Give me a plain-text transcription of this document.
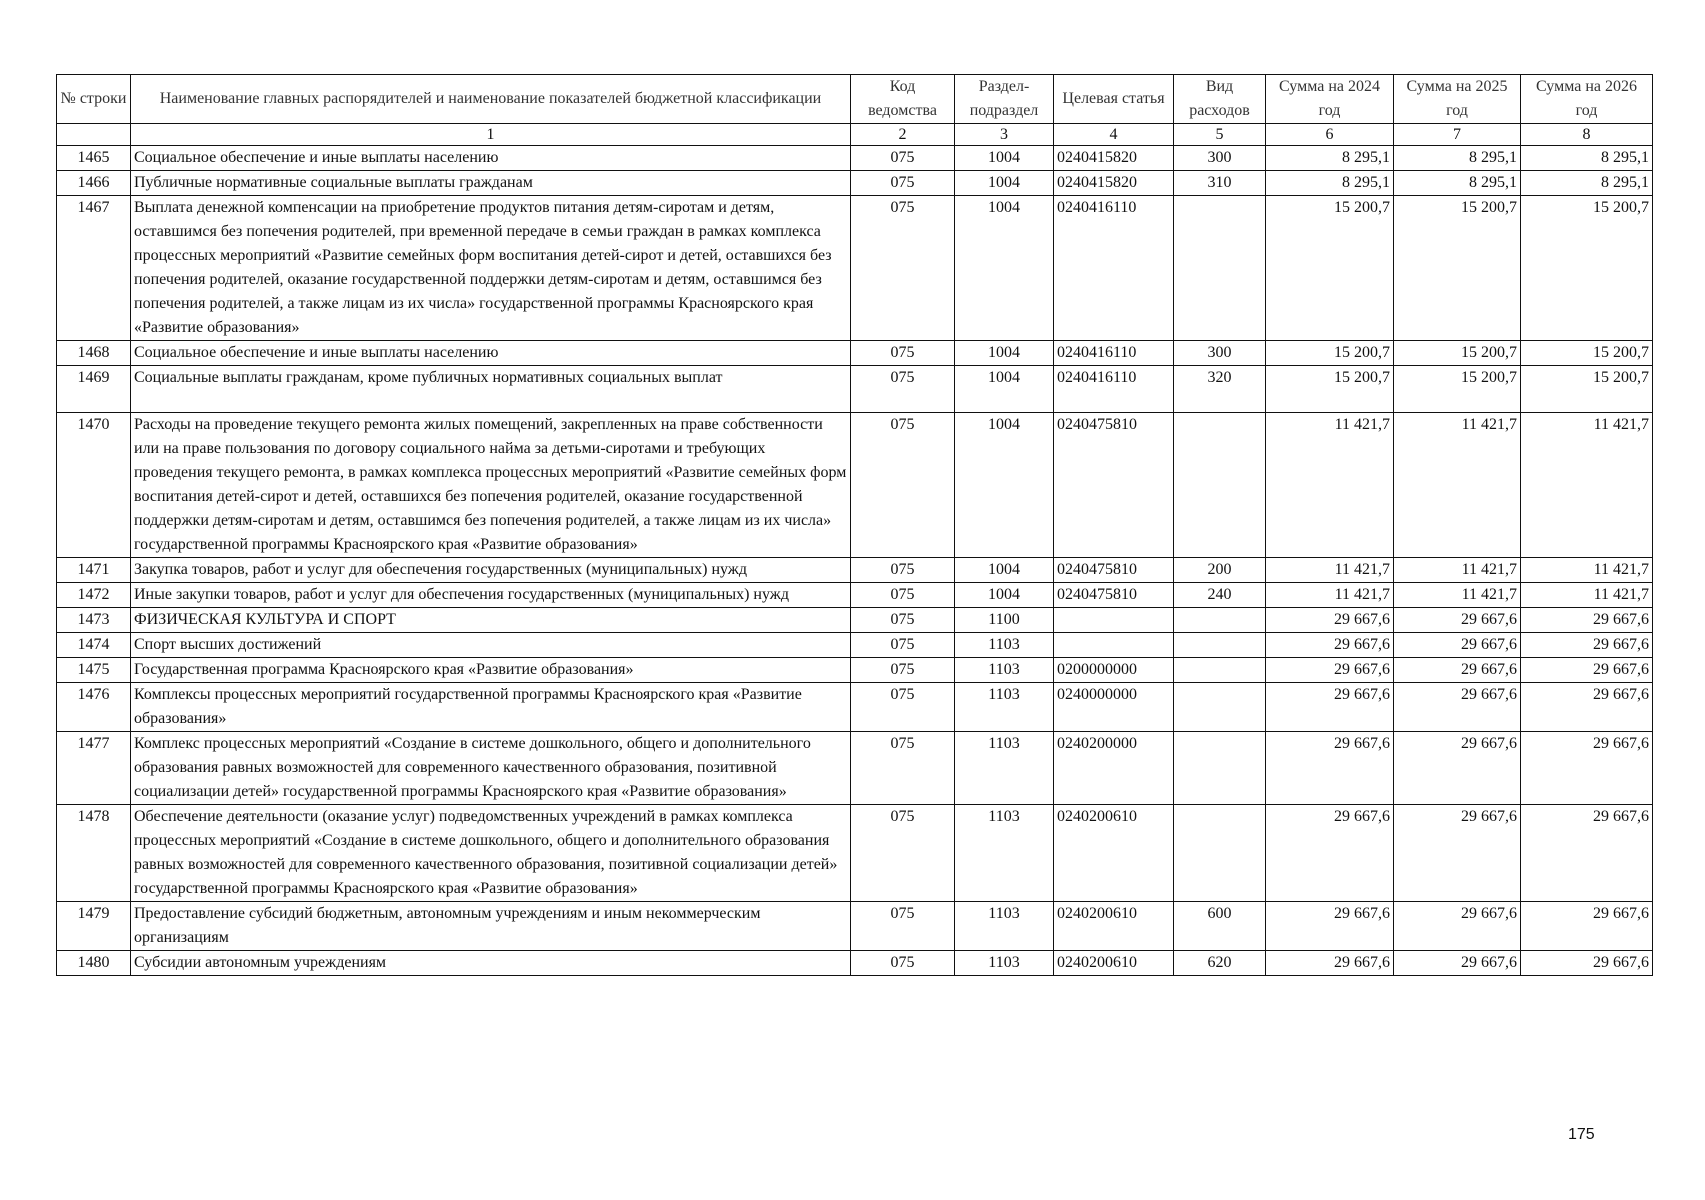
№ строки	Наименование главных распорядителей и наименование показателей бюджетной классификации	Код ведомства	Раздел-подраздел	Целевая статья	Вид расходов	Сумма на 2024 год	Сумма на 2025 год	Сумма на 2026 год
	1	2	3	4	5	6	7	8
1465	Социальное обеспечение и иные выплаты населению	075	1004	0240415820	300	8 295,1	8 295,1	8 295,1
1466	Публичные нормативные социальные выплаты гражданам	075	1004	0240415820	310	8 295,1	8 295,1	8 295,1
1467	Выплата денежной компенсации на приобретение продуктов питания детям-сиротам и детям, оставшимся без попечения родителей, при временной передаче в семьи граждан в рамках комплекса процессных мероприятий «Развитие семейных форм воспитания детей-сирот и детей, оставшихся без попечения родителей, оказание государственной поддержки детям-сиротам и детям, оставшимся без попечения родителей, а также лицам из их числа» государственной программы Красноярского края «Развитие образования»	075	1004	0240416110		15 200,7	15 200,7	15 200,7
1468	Социальное обеспечение и иные выплаты населению	075	1004	0240416110	300	15 200,7	15 200,7	15 200,7
1469	Социальные выплаты гражданам, кроме публичных нормативных социальных выплат	075	1004	0240416110	320	15 200,7	15 200,7	15 200,7
1470	Расходы на проведение текущего ремонта жилых помещений, закрепленных на праве собственности или на праве пользования по договору социального найма за детьми-сиротами и требующих проведения текущего ремонта, в рамках комплекса процессных мероприятий «Развитие семейных форм воспитания детей-сирот и детей, оставшихся без попечения родителей, оказание государственной поддержки детям-сиротам и детям, оставшимся без попечения родителей, а также лицам из их числа» государственной программы Красноярского края «Развитие образования»	075	1004	0240475810		11 421,7	11 421,7	11 421,7
1471	Закупка товаров, работ и услуг для обеспечения государственных (муниципальных) нужд	075	1004	0240475810	200	11 421,7	11 421,7	11 421,7
1472	Иные закупки товаров, работ и услуг для обеспечения государственных (муниципальных) нужд	075	1004	0240475810	240	11 421,7	11 421,7	11 421,7
1473	ФИЗИЧЕСКАЯ КУЛЬТУРА И СПОРТ	075	1100			29 667,6	29 667,6	29 667,6
1474	Спорт высших достижений	075	1103			29 667,6	29 667,6	29 667,6
1475	Государственная программа Красноярского края «Развитие образования»	075	1103	0200000000		29 667,6	29 667,6	29 667,6
1476	Комплексы процессных мероприятий государственной программы Красноярского края «Развитие образования»	075	1103	0240000000		29 667,6	29 667,6	29 667,6
1477	Комплекс процессных мероприятий «Создание в системе дошкольного, общего и дополнительного образования равных возможностей для современного качественного образования, позитивной социализации детей» государственной программы Красноярского края «Развитие образования»	075	1103	0240200000		29 667,6	29 667,6	29 667,6
1478	Обеспечение деятельности (оказание услуг) подведомственных учреждений в рамках комплекса процессных мероприятий «Создание в системе дошкольного, общего и дополнительного образования равных возможностей для современного качественного образования, позитивной социализации детей» государственной программы Красноярского края «Развитие образования»	075	1103	0240200610		29 667,6	29 667,6	29 667,6
1479	Предоставление субсидий бюджетным, автономным учреждениям и иным некоммерческим организациям	075	1103	0240200610	600	29 667,6	29 667,6	29 667,6
1480	Субсидии автономным учреждениям	075	1103	0240200610	620	29 667,6	29 667,6	29 667,6
175
